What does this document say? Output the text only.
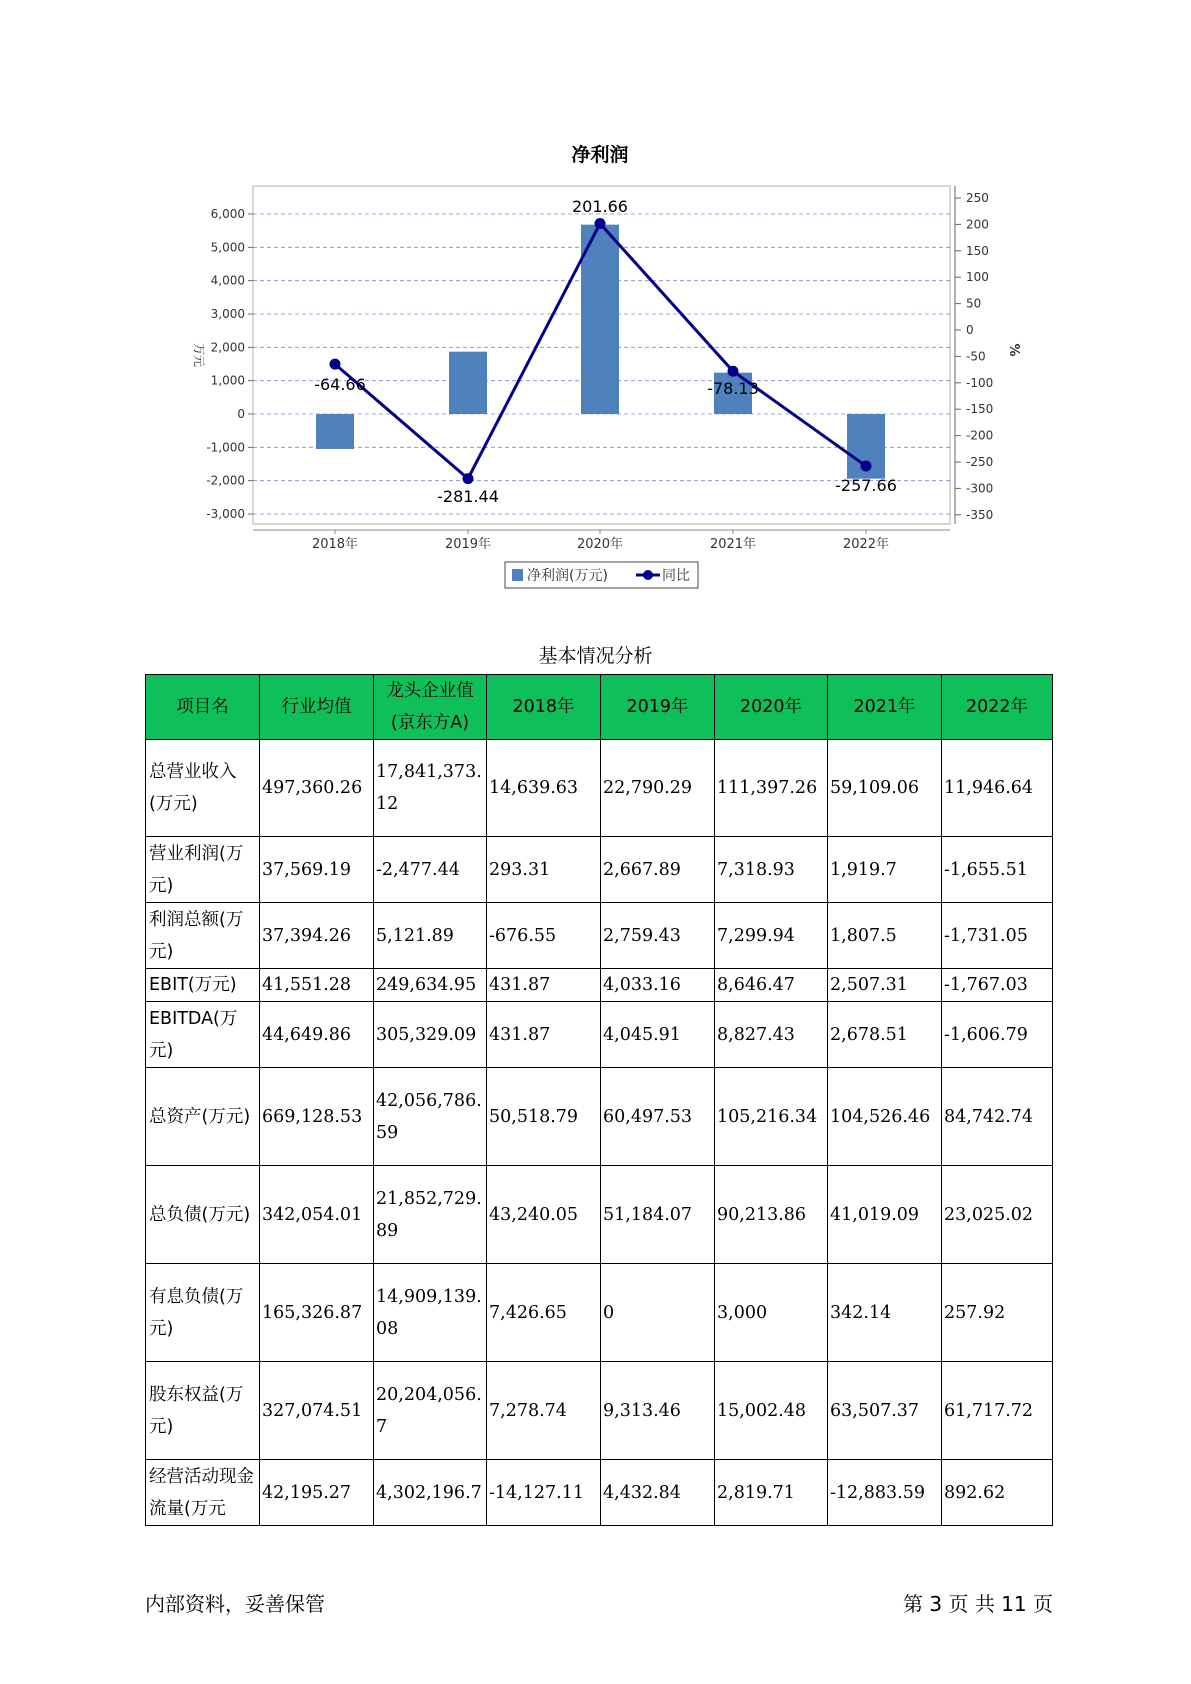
净利润
6,000
5,000
4,000
3,000
2,000
1,000
0
-1,000
-2,000
-3,000
250
200
150
100
50
0
-50
-100
-150
-200
-250
-300
-350
万元	%
2018年	2019年	2020年	2021年	2022年
-64.66
-281.44
201.66
-78.13
-257.66
净利润(万元)	同比
基本情况分析
项目名	行业均值	龙头企业值(京东方A)	2018年	2019年	2020年	2021年	2022年
总营业收入(万元)	497,360.26	17,841,373.12	14,639.63	22,790.29	111,397.26	59,109.06	11,946.64
营业利润(万元)	37,569.19	-2,477.44	293.31	2,667.89	7,318.93	1,919.7	-1,655.51
利润总额(万元)	37,394.26	5,121.89	-676.55	2,759.43	7,299.94	1,807.5	-1,731.05
EBIT(万元)	41,551.28	249,634.95	431.87	4,033.16	8,646.47	2,507.31	-1,767.03
EBITDA(万元)	44,649.86	305,329.09	431.87	4,045.91	8,827.43	2,678.51	-1,606.79
总资产(万元)	669,128.53	42,056,786.59	50,518.79	60,497.53	105,216.34	104,526.46	84,742.74
总负债(万元)	342,054.01	21,852,729.89	43,240.05	51,184.07	90,213.86	41,019.09	23,025.02
有息负债(万元)	165,326.87	14,909,139.08	7,426.65	0	3,000	342.14	257.92
股东权益(万元)	327,074.51	20,204,056.7	7,278.74	9,313.46	15,002.48	63,507.37	61,717.72
经营活动现金流量(万元	42,195.27	4,302,196.7	-14,127.11	4,432.84	2,819.71	-12,883.59	892.62
内部资料，妥善保管	第 3 页 共 11 页
